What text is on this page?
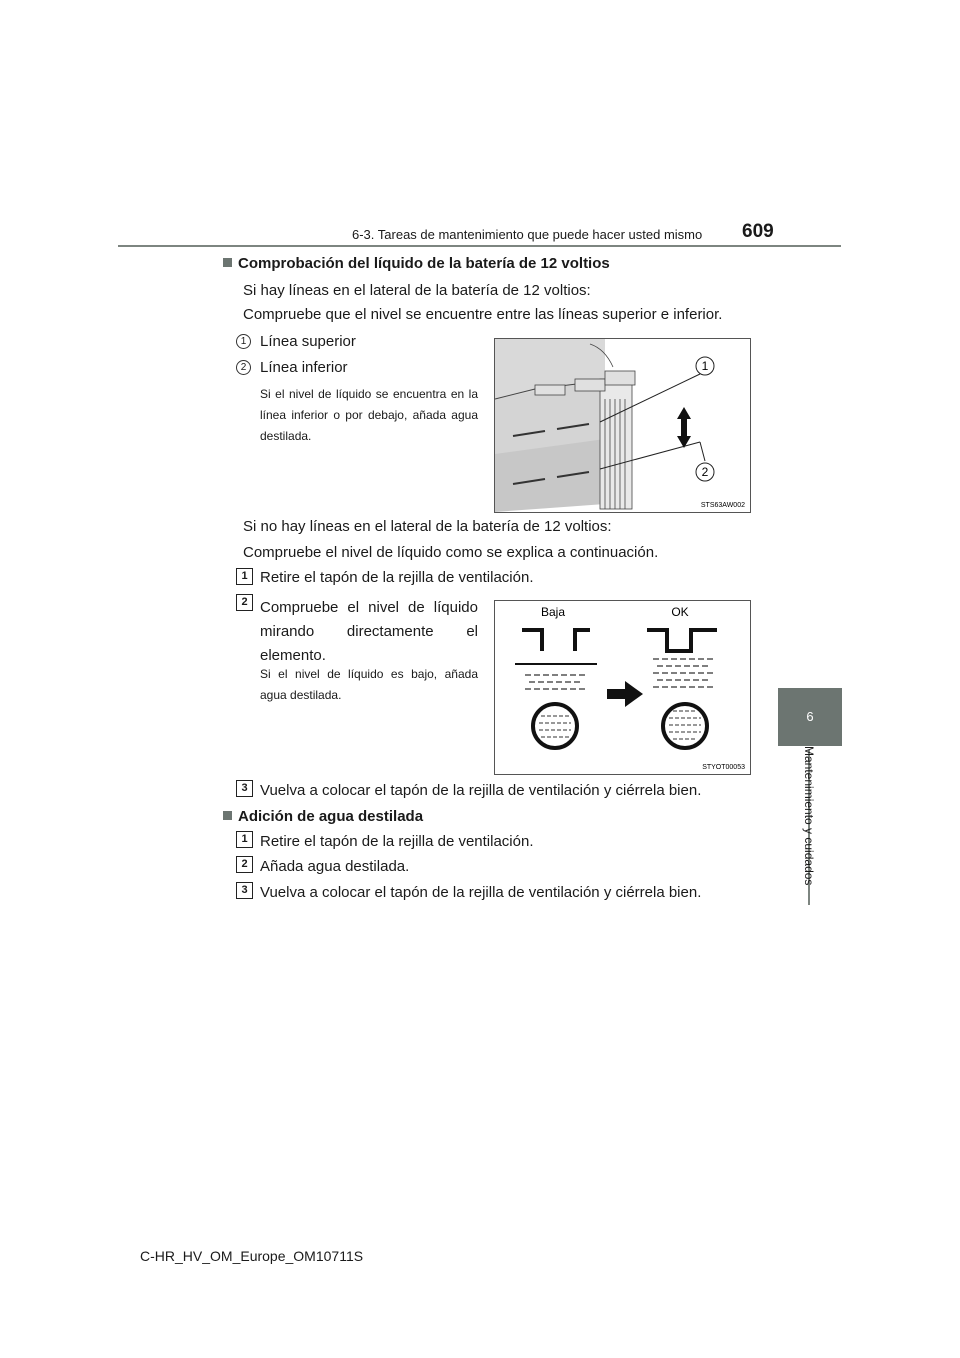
6-3. Tareas de mantenimiento que puede hacer usted mismo 609
6
Mantenimiento y cuidados
Comprobación del líquido de la batería de 12 voltios
Si hay líneas en el lateral de la batería de 12 voltios:
Compruebe que el nivel se encuentre entre las líneas superior e inferior.
1 Línea superior
2 Línea inferior
Si el nivel de líquido se encuentra en la línea inferior o por debajo, añada agua destilada.
1
2
STS63AW002
Si no hay líneas en el lateral de la batería de 12 voltios:
Compruebe el nivel de líquido como se explica a continuación.
1 Retire el tapón de la rejilla de ventilación.
2 Compruebe el nivel de líquido mirando directamente el elemento.
Si el nivel de líquido es bajo, añada agua destilada.
Baja	OK
STYOT00053
3 Vuelva a colocar el tapón de la rejilla de ventilación y ciérrela bien.
Adición de agua destilada
1 Retire el tapón de la rejilla de ventilación.
2 Añada agua destilada.
3 Vuelva a colocar el tapón de la rejilla de ventilación y ciérrela bien.
C-HR_HV_OM_Europe_OM10711S
